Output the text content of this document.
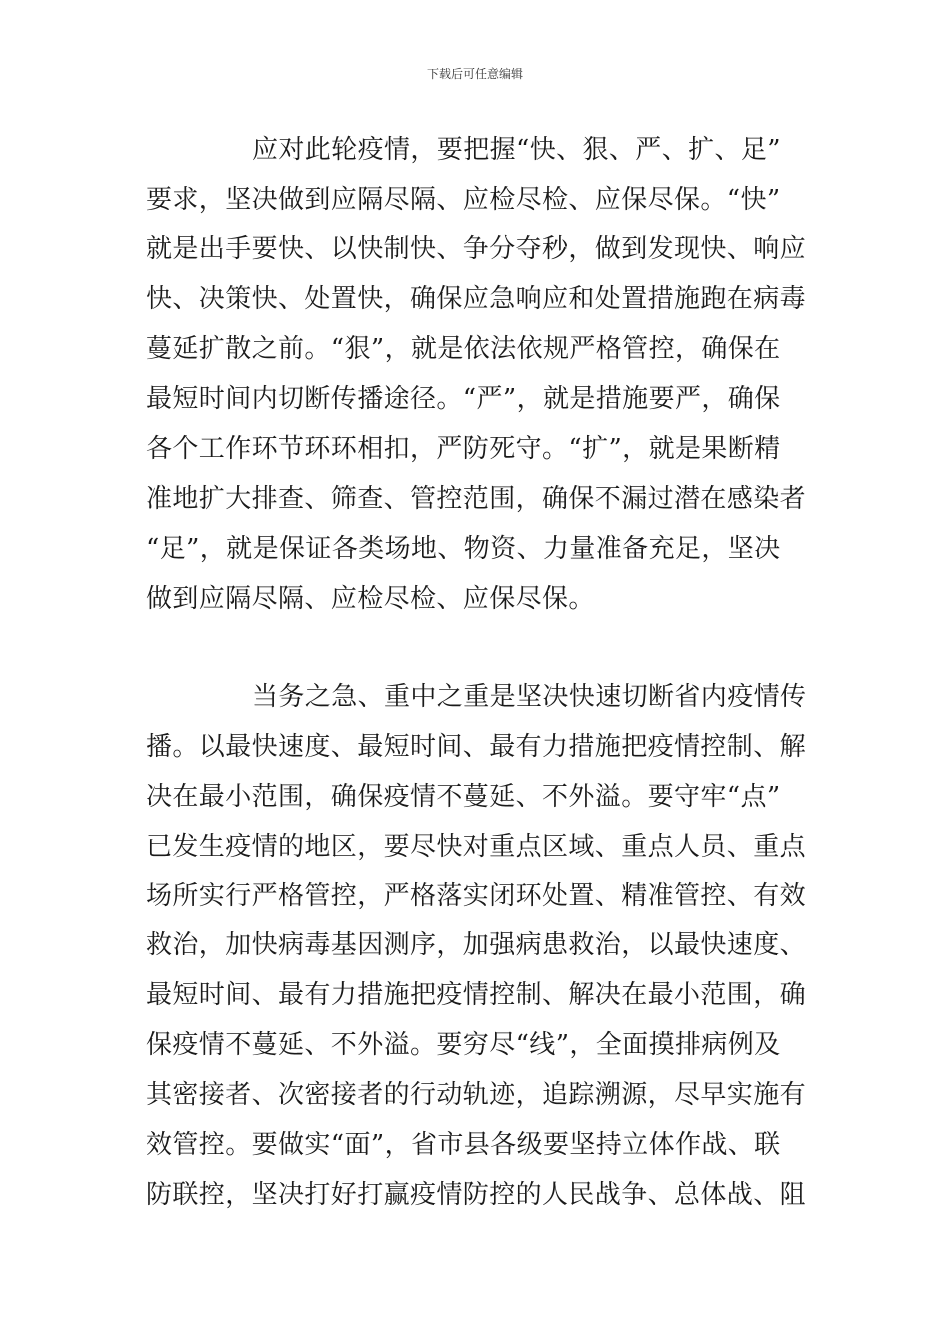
下载后可任意编辑
应对此轮疫情，要把握“快、狠、严、扩、足”
要求，坚决做到应隔尽隔、应检尽检、应保尽保。“快”
就是出手要快、以快制快、争分夺秒，做到发现快、响应
快、决策快、处置快，确保应急响应和处置措施跑在病毒
蔓延扩散之前。“狠”，就是依法依规严格管控，确保在
最短时间内切断传播途径。“严”，就是措施要严，确保
各个工作环节环环相扣，严防死守。“扩”，就是果断精
准地扩大排查、筛查、管控范围，确保不漏过潜在感染者
“足”，就是保证各类场地、物资、力量准备充足，坚决
做到应隔尽隔、应检尽检、应保尽保。
当务之急、重中之重是坚决快速切断省内疫情传
播。以最快速度、最短时间、最有力措施把疫情控制、解
决在最小范围，确保疫情不蔓延、不外溢。要守牢“点”
已发生疫情的地区，要尽快对重点区域、重点人员、重点
场所实行严格管控，严格落实闭环处置、精准管控、有效
救治，加快病毒基因测序，加强病患救治，以最快速度、
最短时间、最有力措施把疫情控制、解决在最小范围，确
保疫情不蔓延、不外溢。要穷尽“线”，全面摸排病例及
其密接者、次密接者的行动轨迹，追踪溯源，尽早实施有
效管控。要做实“面”，省市县各级要坚持立体作战、联
防联控，坚决打好打赢疫情防控的人民战争、总体战、阻
